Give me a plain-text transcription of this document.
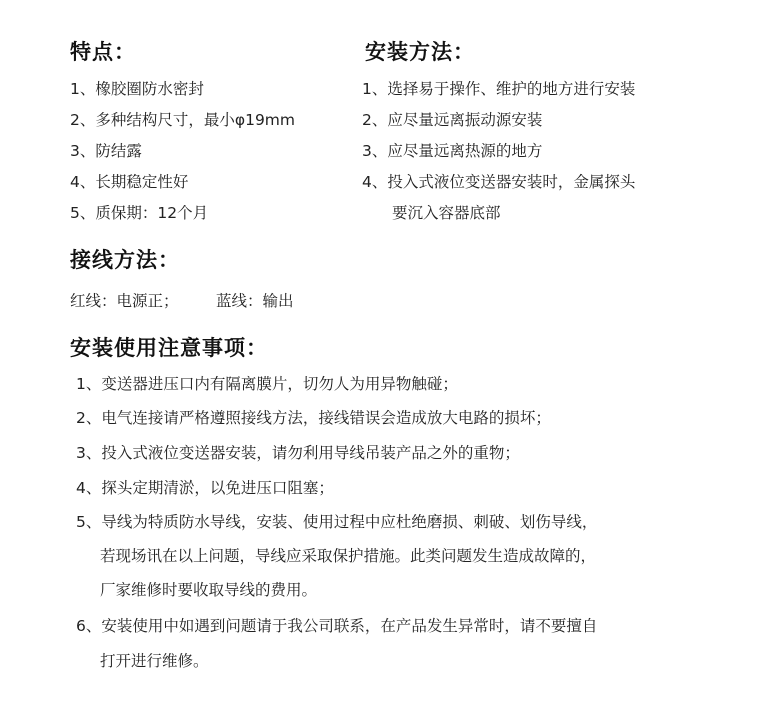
特点：
1、橡胶圈防水密封
2、多种结构尺寸，最小φ19mm
3、防结露
4、长期稳定性好
5、质保期：12个月
安装方法：
1、选择易于操作、维护的地方进行安装
2、应尽量远离振动源安装
3、应尽量远离热源的地方
4、投入式液位变送器安装时，金属探头
要沉入容器底部
接线方法：
红线：电源正； 蓝线：输出
安装使用注意事项：
1、变送器进压口内有隔离膜片，切勿人为用异物触碰；
2、电气连接请严格遵照接线方法，接线错误会造成放大电路的损坏；
3、投入式液位变送器安装，请勿利用导线吊装产品之外的重物；
4、探头定期清淤，以免进压口阻塞；
5、导线为特质防水导线，安装、使用过程中应杜绝磨损、刺破、划伤导线，
若现场讯在以上问题，导线应采取保护措施。此类问题发生造成故障的，
厂家维修时要收取导线的费用。
6、安装使用中如遇到问题请于我公司联系，在产品发生异常时，请不要擅自
打开进行维修。
